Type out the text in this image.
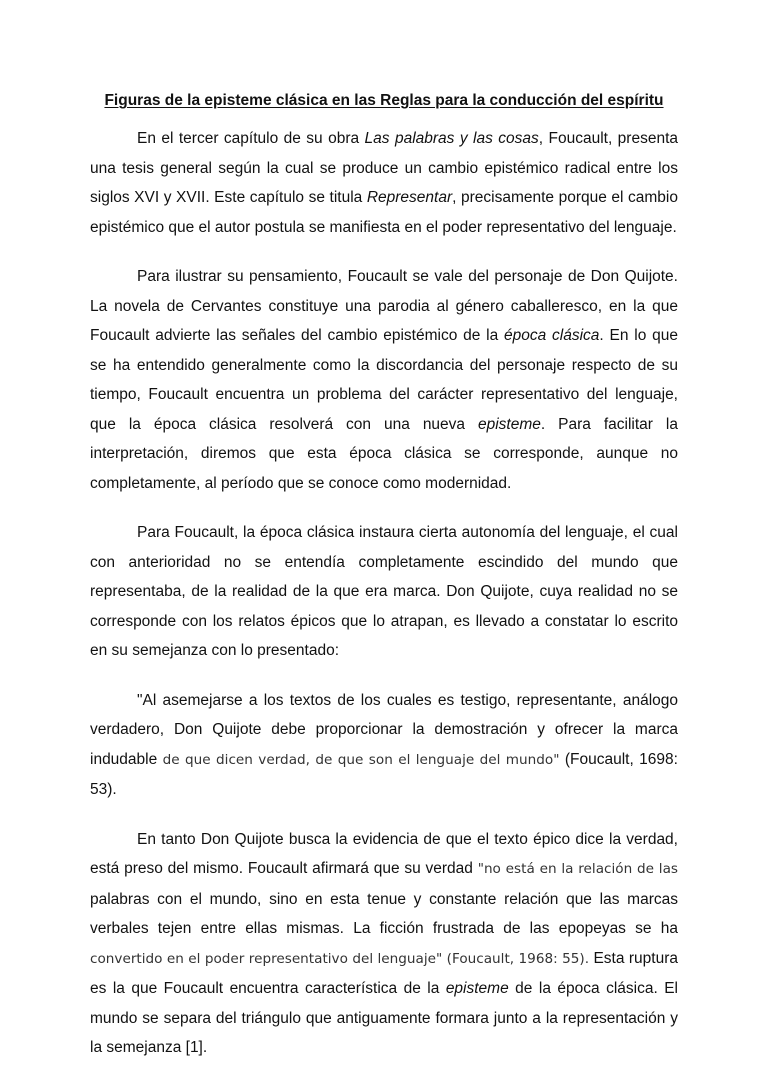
Figuras de la episteme clásica en las Reglas para la conducción del espíritu

En el tercer capítulo de su obra Las palabras y las cosas, Foucault, presenta una tesis general según la cual se produce un cambio epistémico radical entre los siglos XVI y XVII. Este capítulo se titula Representar, precisamente porque el cambio epistémico que el autor postula se manifiesta en el poder representativo del lenguaje.

Para ilustrar su pensamiento, Foucault se vale del personaje de Don Quijote. La novela de Cervantes constituye una parodia al género caballeresco, en la que Foucault advierte las señales del cambio epistémico de la época clásica. En lo que se ha entendido generalmente como la discordancia del personaje respecto de su tiempo, Foucault encuentra un problema del carácter representativo del lenguaje, que la época clásica resolverá con una nueva episteme. Para facilitar la interpretación, diremos que esta época clásica se corresponde, aunque no completamente, al período que se conoce como modernidad.

Para Foucault, la época clásica instaura cierta autonomía del lenguaje, el cual con anterioridad no se entendía completamente escindido del mundo que representaba, de la realidad de la que era marca. Don Quijote, cuya realidad no se corresponde con los relatos épicos que lo atrapan, es llevado a constatar lo escrito en su semejanza con lo presentado:

"Al asemejarse a los textos de los cuales es testigo, representante, análogo verdadero, Don Quijote debe proporcionar la demostración y ofrecer la marca indudable de que dicen verdad, de que son el lenguaje del mundo" (Foucault, 1698: 53).

En tanto Don Quijote busca la evidencia de que el texto épico dice la verdad, está preso del mismo. Foucault afirmará que su verdad "no está en la relación de las palabras con el mundo, sino en esta tenue y constante relación que las marcas verbales tejen entre ellas mismas. La ficción frustrada de las epopeyas se ha convertido en el poder representativo del lenguaje" (Foucault, 1968: 55). Esta ruptura es la que Foucault encuentra característica de la episteme de la época clásica. El mundo se separa del triángulo que antiguamente formara junto a la representación y la semejanza [1].
